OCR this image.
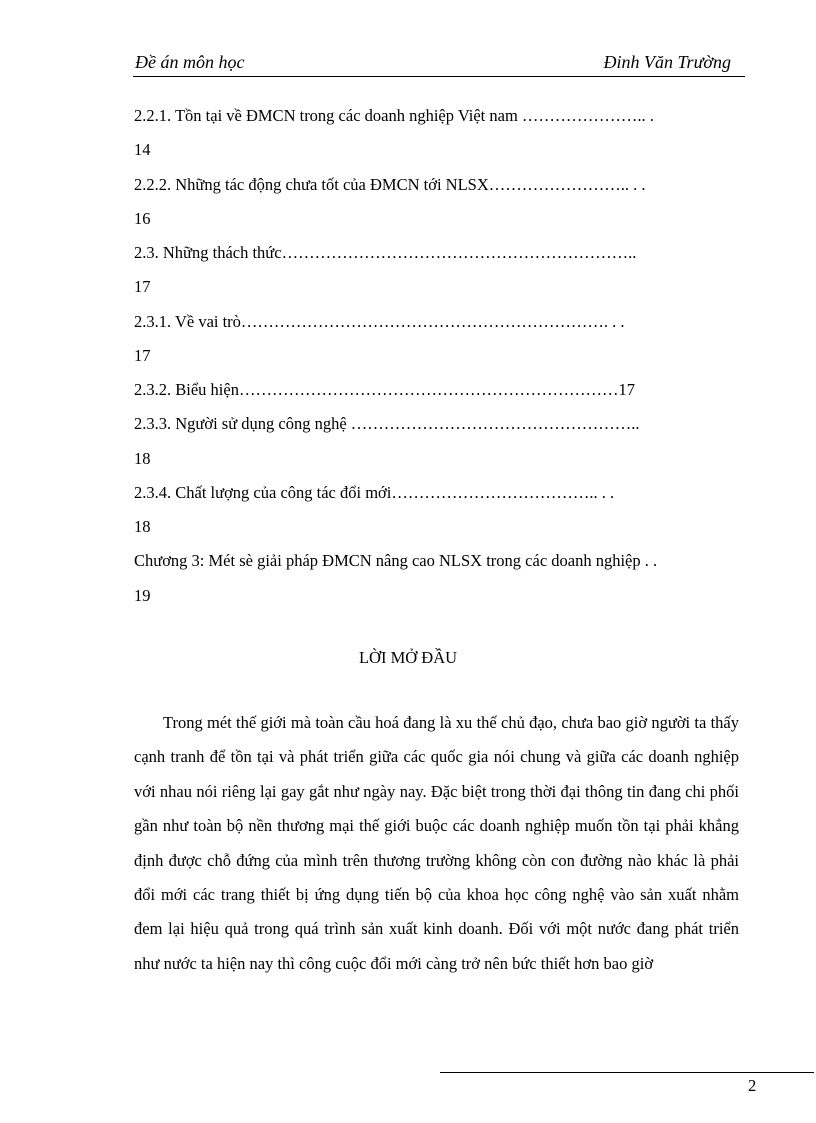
Đề án môn học	Đinh Văn Trường
2.2.1. Tồn tại về ĐMCN trong các doanh nghiệp Việt nam ………………….. .
14
2.2.2. Những tác động chưa tốt của ĐMCN tới NLSX…………………….. . .
16
2.3. Những thách thức………………………………………………………..
17
2.3.1. Về vai trò…………………………………………………………. . .
17
2.3.2. Biểu hiện……………………………………………………………17
2.3.3. Người sử dụng công nghệ ……………………………………………..
18
2.3.4. Chất lượng của công tác đổi mới……………………………….. . .
18
Chương 3: Mét sè giải pháp ĐMCN nâng cao NLSX trong các doanh nghiệp . .
19
LỜI MỞ ĐẦU

Trong mét thế giới mà toàn cầu hoá đang là xu thế chủ đạo, chưa bao giờ người ta thấy cạnh tranh để tồn tại và phát triển giữa các quốc gia nói chung và giữa các doanh nghiệp với nhau nói riêng lại gay gắt như ngày nay. Đặc biệt trong thời đại thông tin đang chi phối gần như toàn bộ nền thương mại thế giới buộc các doanh nghiệp muốn tồn tại phải khẳng định được chỗ đứng của mình trên thương trường không còn con đường nào khác là phải đổi mới các trang thiết bị ứng dụng tiến bộ của khoa học công nghệ vào sản xuất nhằm đem lại hiệu quả trong quá trình sản xuất kinh doanh. Đối với một nước đang phát triển như nước ta hiện nay thì công cuộc đổi mới càng trở nên bức thiết hơn bao giờ

2
